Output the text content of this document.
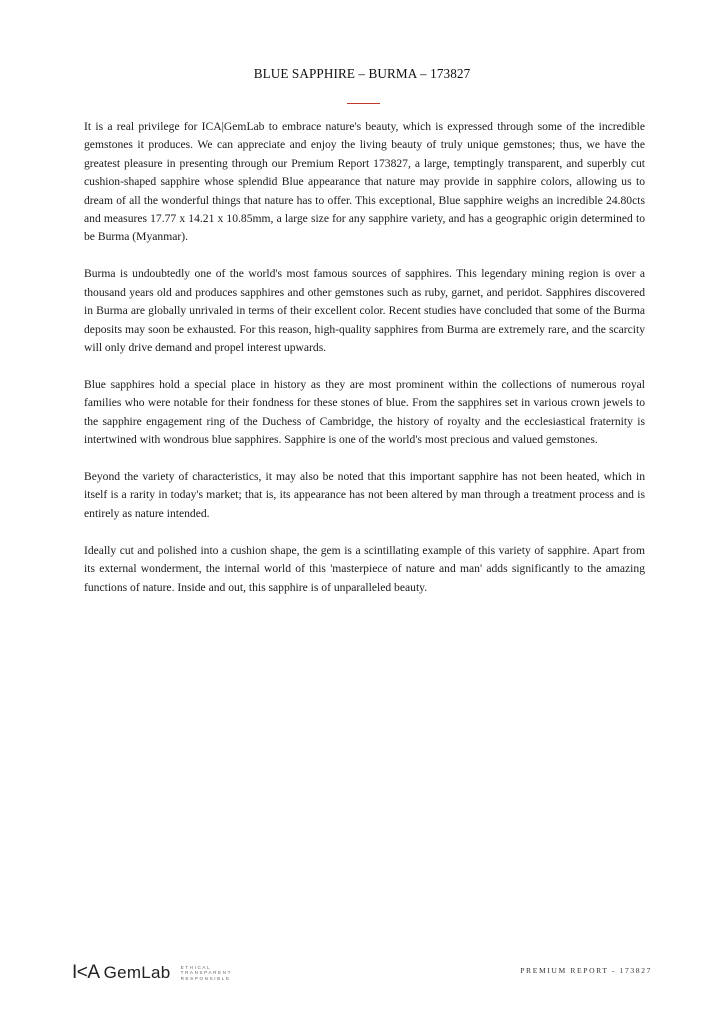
BLUE SAPPHIRE – BURMA – 173827

It is a real privilege for ICA|GemLab to embrace nature's beauty, which is expressed through some of the incredible gemstones it produces. We can appreciate and enjoy the living beauty of truly unique gemstones; thus, we have the greatest pleasure in presenting through our Premium Report 173827, a large, temptingly transparent, and superbly cut cushion-shaped sapphire whose splendid Blue appearance that nature may provide in sapphire colors, allowing us to dream of all the wonderful things that nature has to offer. This exceptional, Blue sapphire weighs an incredible 24.80cts and measures 17.77 x 14.21 x 10.85mm, a large size for any sapphire variety, and has a geographic origin determined to be Burma (Myanmar).

Burma is undoubtedly one of the world's most famous sources of sapphires. This legendary mining region is over a thousand years old and produces sapphires and other gemstones such as ruby, garnet, and peridot. Sapphires discovered in Burma are globally unrivaled in terms of their excellent color. Recent studies have concluded that some of the Burma deposits may soon be exhausted. For this reason, high-quality sapphires from Burma are extremely rare, and the scarcity will only drive demand and propel interest upwards.

Blue sapphires hold a special place in history as they are most prominent within the collections of numerous royal families who were notable for their fondness for these stones of blue. From the sapphires set in various crown jewels to the sapphire engagement ring of the Duchess of Cambridge, the history of royalty and the ecclesiastical fraternity is intertwined with wondrous blue sapphires. Sapphire is one of the world's most precious and valued gemstones.

Beyond the variety of characteristics, it may also be noted that this important sapphire has not been heated, which in itself is a rarity in today's market; that is, its appearance has not been altered by man through a treatment process and is entirely as nature intended.

Ideally cut and polished into a cushion shape, the gem is a scintillating example of this variety of sapphire. Apart from its external wonderment, the internal world of this 'masterpiece of nature and man' adds significantly to the amazing functions of nature. Inside and out, this sapphire is of unparalleled beauty.

I<A GemLab ETHICAL
TRANSPARENT
RESPONSIBLE
PREMIUM REPORT - 173827
